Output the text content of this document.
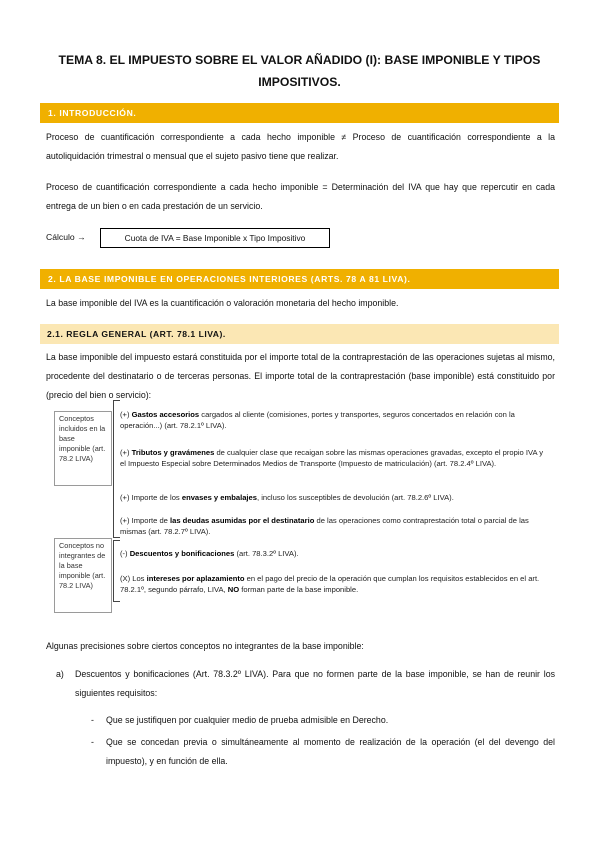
TEMA 8. EL IMPUESTO SOBRE EL VALOR AÑADIDO (I): BASE IMPONIBLE Y TIPOS
IMPOSITIVOS.
1. INTRODUCCIÓN.
Proceso de cuantificación correspondiente a cada hecho imponible ≠ Proceso de cuantificación correspondiente a la autoliquidación trimestral o mensual que el sujeto pasivo tiene que realizar.
Proceso de cuantificación correspondiente a cada hecho imponible = Determinación del IVA que hay que repercutir en cada entrega de un bien o en cada prestación de un servicio.
Cálculo →	Cuota de IVA = Base Imponible x Tipo Impositivo
2. LA BASE IMPONIBLE EN OPERACIONES INTERIORES (ARTS. 78 A 81 LIVA).
La base imponible del IVA es la cuantificación o valoración monetaria del hecho imponible.
2.1. REGLA GENERAL (ART. 78.1 LIVA).
La base imponible del impuesto estará constituida por el importe total de la contraprestación de las operaciones sujetas al mismo, procedente del destinatario o de terceras personas. El importe total de la contraprestación (base imponible) está constituido por (precio del bien o servicio):
Conceptos incluidos en la base imponible (art. 78.2 LIVA)
Conceptos no integrantes de la base imponible (art. 78.2 LIVA)
(+) Gastos accesorios cargados al cliente (comisiones, portes y transportes, seguros concertados en relación con la operación...) (art. 78.2.1º LIVA).
(+) Tributos y gravámenes de cualquier clase que recaigan sobre las mismas operaciones gravadas, excepto el propio IVA y el Impuesto Especial sobre Determinados Medios de Transporte (Impuesto de matriculación) (art. 78.2.4º LIVA).
(+) Importe de los envases y embalajes, incluso los susceptibles de devolución (art. 78.2.6º LIVA).
(+) Importe de las deudas asumidas por el destinatario de las operaciones como contraprestación total o parcial de las mismas (art. 78.2.7º LIVA).
(-) Descuentos y bonificaciones (art. 78.3.2º LIVA).
(X) Los intereses por aplazamiento en el pago del precio de la operación que cumplan los requisitos establecidos en el art. 78.2.1º, segundo párrafo, LIVA, NO forman parte de la base imponible.
Algunas precisiones sobre ciertos conceptos no integrantes de la base imponible:
a) Descuentos y bonificaciones (Art. 78.3.2º LIVA). Para que no formen parte de la base imponible, se han de reunir los siguientes requisitos:
- Que se justifiquen por cualquier medio de prueba admisible en Derecho.
- Que se concedan previa o simultáneamente al momento de realización de la operación (el del devengo del impuesto), y en función de ella.
